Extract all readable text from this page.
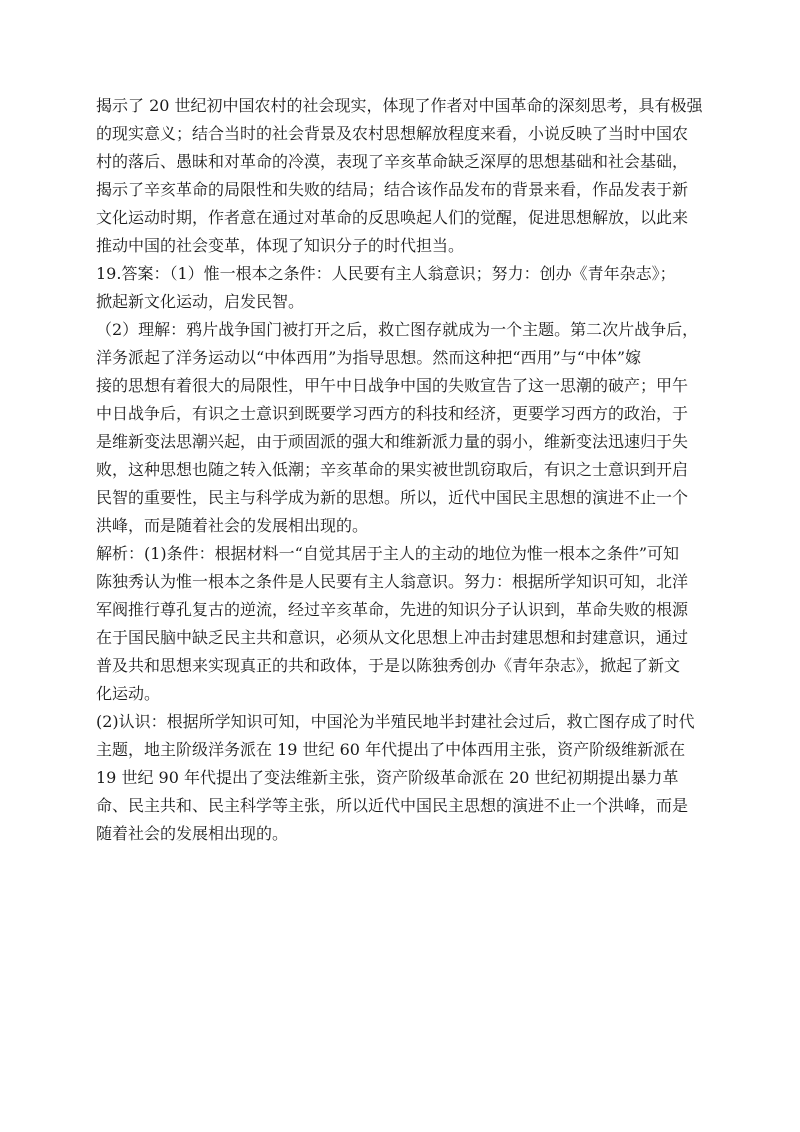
揭示了 20 世纪初中国农村的社会现实，体现了作者对中国革命的深刻思考，具有极强
的现实意义；结合当时的社会背景及农村思想解放程度来看，小说反映了当时中国农
村的落后、愚昧和对革命的冷漠，表现了辛亥革命缺乏深厚的思想基础和社会基础，
揭示了辛亥革命的局限性和失败的结局；结合该作品发布的背景来看，作品发表于新
文化运动时期，作者意在通过对革命的反思唤起人们的觉醒，促进思想解放，以此来
推动中国的社会变革，体现了知识分子的时代担当。
19.答案：（1）惟一根本之条件：人民要有主人翁意识；努力：创办《青年杂志》；
掀起新文化运动，启发民智。
（2）理解：鸦片战争国门被打开之后，救亡图存就成为一个主题。第二次片战争后，
洋务派起了洋务运动以“中体西用”为指导思想。然而这种把“西用”与“中体”嫁
接的思想有着很大的局限性，甲午中日战争中国的失败宣告了这一思潮的破产；甲午
中日战争后，有识之士意识到既要学习西方的科技和经济，更要学习西方的政治，于
是维新变法思潮兴起，由于顽固派的强大和维新派力量的弱小，维新变法迅速归于失
败，这种思想也随之转入低潮；辛亥革命的果实被世凯窃取后，有识之士意识到开启
民智的重要性，民主与科学成为新的思想。所以，近代中国民主思想的演进不止一个
洪峰，而是随着社会的发展相出现的。
解析：(1)条件：根据材料一“自觉其居于主人的主动的地位为惟一根本之条件”可知
陈独秀认为惟一根本之条件是人民要有主人翁意识。努力：根据所学知识可知，北洋
军阀推行尊孔复古的逆流，经过辛亥革命，先进的知识分子认识到，革命失败的根源
在于国民脑中缺乏民主共和意识，必须从文化思想上冲击封建思想和封建意识，通过
普及共和思想来实现真正的共和政体，于是以陈独秀创办《青年杂志》，掀起了新文
化运动。
(2)认识：根据所学知识可知，中国沦为半殖民地半封建社会过后，救亡图存成了时代
主题，地主阶级洋务派在 19 世纪 60 年代提出了中体西用主张，资产阶级维新派在
19 世纪 90 年代提出了变法维新主张，资产阶级革命派在 20 世纪初期提出暴力革
命、民主共和、民主科学等主张，所以近代中国民主思想的演进不止一个洪峰，而是
随着社会的发展相出现的。
